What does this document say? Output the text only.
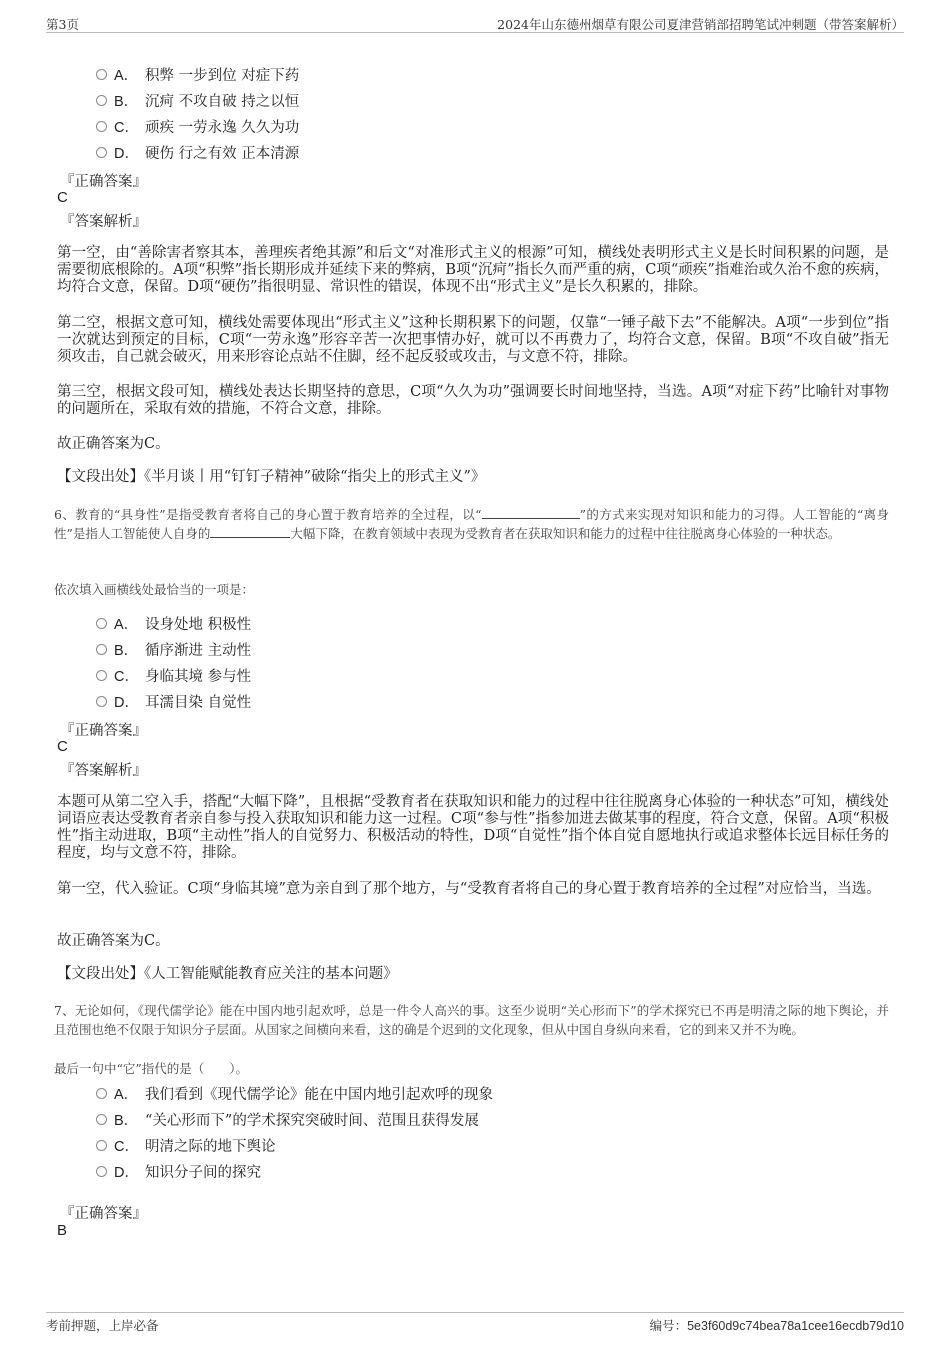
第3页	2024年山东德州烟草有限公司夏津营销部招聘笔试冲刺题（带答案解析）
A． 积弊 一步到位 对症下药
B． 沉疴 不攻自破 持之以恒
C． 顽疾 一劳永逸 久久为功
D． 硬伤 行之有效 正本清源
『正确答案』
C
『答案解析』
第一空，由“善除害者察其本，善理疾者绝其源”和后文“对准形式主义的根源”可知，横线处表明形式主义是长时间积累的问题，是需要彻底根除的。A项“积弊”指长期形成并延续下来的弊病，B项“沉疴”指长久而严重的病，C项“顽疾”指难治或久治不愈的疾病，均符合文意，保留。D项“硬伤”指很明显、常识性的错误，体现不出“形式主义”是长久积累的，排除。
第二空，根据文意可知，横线处需要体现出“形式主义”这种长期积累下的问题，仅靠“一锤子敲下去”不能解决。A项“一步到位”指一次就达到预定的目标，C项“一劳永逸”形容辛苦一次把事情办好，就可以不再费力了，均符合文意，保留。B项“不攻自破”指无须攻击，自己就会破灭，用来形容论点站不住脚，经不起反驳或攻击，与文意不符，排除。
第三空，根据文段可知，横线处表达长期坚持的意思，C项“久久为功”强调要长时间地坚持，当选。A项“对症下药”比喻针对事物的问题所在，采取有效的措施，不符合文意，排除。
故正确答案为C。
【文段出处】《半月谈丨用“钉钉子精神”破除“指尖上的形式主义”》
6、教育的“具身性”是指受教育者将自己的身心置于教育培养的全过程，以“	”的方式来实现对知识和能力的习得。人工智能的“离身性”是指人工智能使人自身的	大幅下降，在教育领域中表现为受教育者在获取知识和能力的过程中往往脱离身心体验的一种状态。
依次填入画横线处最恰当的一项是：
A． 设身处地 积极性
B． 循序渐进 主动性
C． 身临其境 参与性
D． 耳濡目染 自觉性
『正确答案』
C
『答案解析』
本题可从第二空入手，搭配“大幅下降”，且根据“受教育者在获取知识和能力的过程中往往脱离身心体验的一种状态”可知，横线处词语应表达受教育者亲自参与投入获取知识和能力这一过程。C项“参与性”指参加进去做某事的程度，符合文意，保留。A项“积极性”指主动进取，B项“主动性”指人的自觉努力、积极活动的特性，D项“自觉性”指个体自觉自愿地执行或追求整体长远目标任务的程度，均与文意不符，排除。
第一空，代入验证。C项“身临其境”意为亲自到了那个地方，与“受教育者将自己的身心置于教育培养的全过程”对应恰当，当选。
故正确答案为C。
【文段出处】《人工智能赋能教育应关注的基本问题》
7、无论如何，《现代儒学论》能在中国内地引起欢呼，总是一件令人高兴的事。这至少说明“关心形而下”的学术探究已不再是明清之际的地下舆论，并且范围也绝不仅限于知识分子层面。从国家之间横向来看，这的确是个迟到的文化现象，但从中国自身纵向来看，它的到来又并不为晚。
最后一句中“它”指代的是（　　）。
A． 我们看到《现代儒学论》能在中国内地引起欢呼的现象
B． “关心形而下”的学术探究突破时间、范围且获得发展
C． 明清之际的地下舆论
D． 知识分子间的探究
『正确答案』
B
考前押题，上岸必备	编号：5e3f60d9c74bea78a1cee16ecdb79d10
